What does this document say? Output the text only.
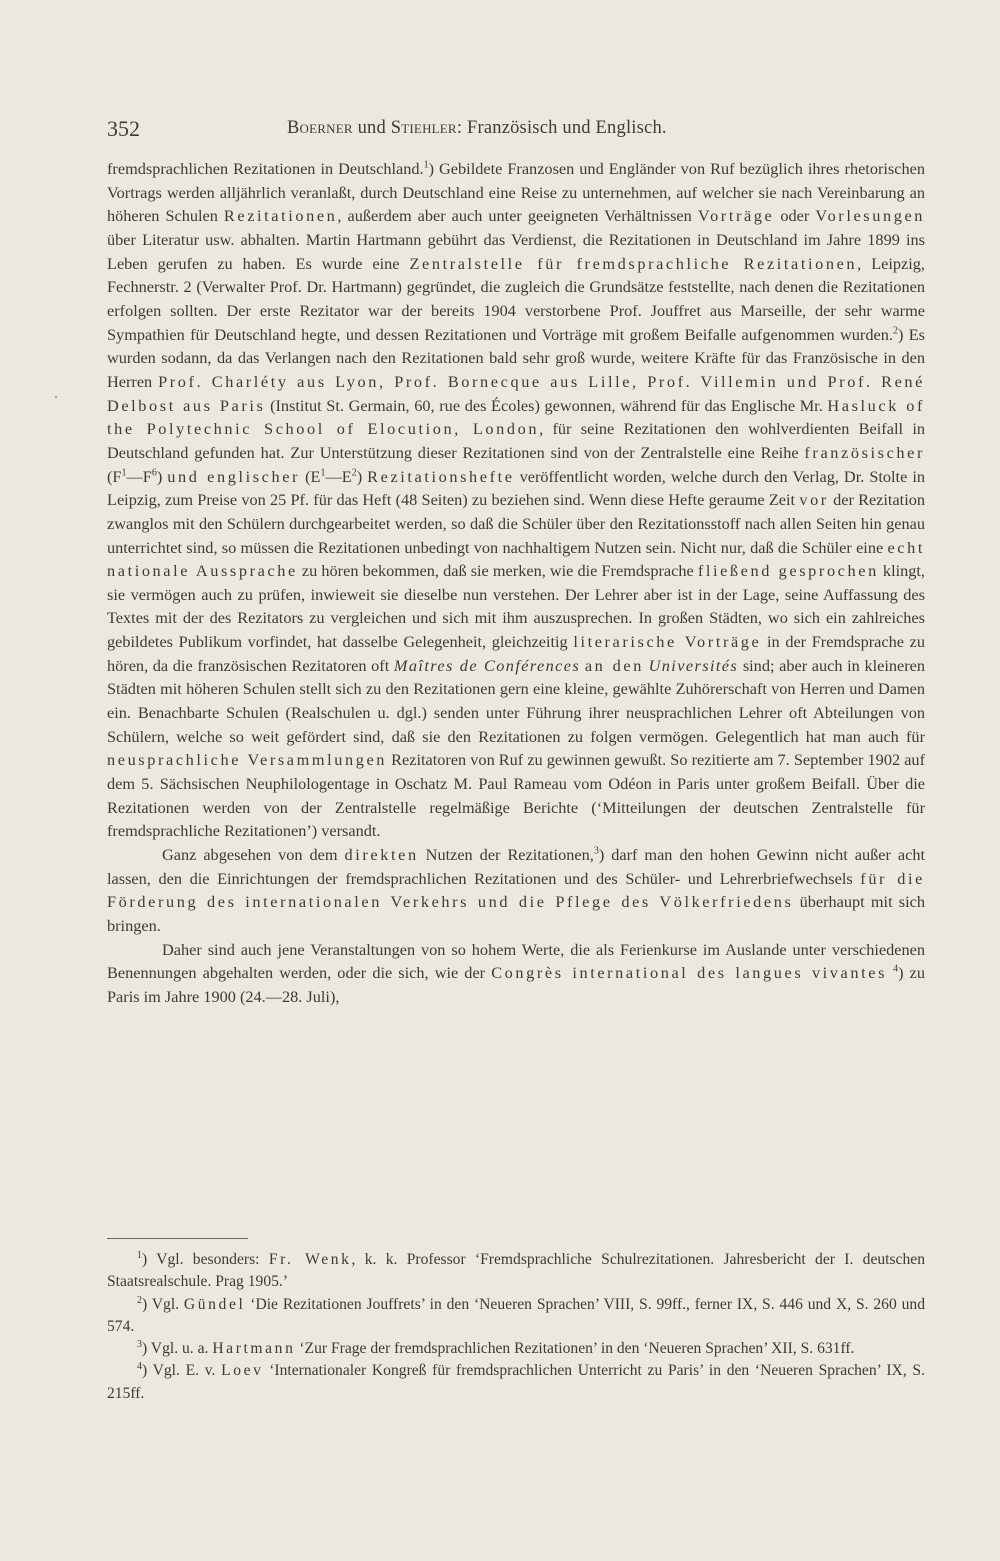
352	Boerner und Stiehler: Französisch und Englisch.

fremdsprachlichen Rezitationen in Deutschland.$^1$) Gebildete Franzosen und Engländer von Ruf bezüglich ihres rhetorischen Vortrags werden alljährlich veranlaßt, durch Deutschland eine Reise zu unternehmen, auf welcher sie nach Vereinbarung an höheren Schulen Rezitationen, außerdem aber auch unter geeigneten Verhältnissen Vorträge oder Vorlesungen über Literatur usw. abhalten. Martin Hartmann gebührt das Verdienst, die Rezitationen in Deutschland im Jahre 1899 ins Leben gerufen zu haben. Es wurde eine Zentralstelle für fremdsprachliche Rezitationen, Leipzig, Fechnerstr. 2 (Verwalter Prof. Dr. Hartmann) gegründet, die zugleich die Grundsätze feststellte, nach denen die Rezitationen erfolgen sollten. Der erste Rezitator war der bereits 1904 verstorbene Prof. Jouffret aus Marseille, der sehr warme Sympathien für Deutschland hegte, und dessen Rezitationen und Vorträge mit großem Beifalle aufgenommen wurden.$^2$) Es wurden sodann, da das Verlangen nach den Rezitationen bald sehr groß wurde, weitere Kräfte für das Französische in den Herren Prof. Charléty aus Lyon, Prof. Bornecque aus Lille, Prof. Villemin und Prof. René Delbost aus Paris (Institut St. Germain, 60, rue des Écoles) gewonnen, während für das Englische Mr. Hasluck of the Polytechnic School of Elocution, London, für seine Rezitationen den wohlverdienten Beifall in Deutschland gefunden hat. Zur Unterstützung dieser Rezitationen sind von der Zentralstelle eine Reihe französischer $(F^1—F^6)$ und englischer $(E^1—E^2)$ Rezitationshefte veröffentlicht worden, welche durch den Verlag, Dr. Stolte in Leipzig, zum Preise von 25 Pf. für das Heft (48 Seiten) zu beziehen sind. Wenn diese Hefte geraume Zeit vor der Rezitation zwanglos mit den Schülern durchgearbeitet werden, so daß die Schüler über den Rezitationsstoff nach allen Seiten hin genau unterrichtet sind, so müssen die Rezitationen unbedingt von nachhaltigem Nutzen sein. Nicht nur, daß die Schüler eine echt nationale Aussprache zu hören bekommen, daß sie merken, wie die Fremdsprache fließend gesprochen klingt, sie vermögen auch zu prüfen, inwieweit sie dieselbe nun verstehen. Der Lehrer aber ist in der Lage, seine Auffassung des Textes mit der des Rezitators zu vergleichen und sich mit ihm auszusprechen. In großen Städten, wo sich ein zahlreiches gebildetes Publikum vorfindet, hat dasselbe Gelegenheit, gleichzeitig literarische Vorträge in der Fremdsprache zu hören, da die französischen Rezitatoren oft Maîtres de Conférences an den Universités sind; aber auch in kleineren Städten mit höheren Schulen stellt sich zu den Rezitationen gern eine kleine, gewählte Zuhörerschaft von Herren und Damen ein. Benachbarte Schulen (Realschulen u. dgl.) senden unter Führung ihrer neusprachlichen Lehrer oft Abteilungen von Schülern, welche so weit gefördert sind, daß sie den Rezitationen zu folgen vermögen. Gelegentlich hat man auch für neusprachliche Versammlungen Rezitatoren von Ruf zu gewinnen gewußt. So rezitierte am 7. September 1902 auf dem 5. Sächsischen Neuphilologentage in Oschatz M. Paul Rameau vom Odéon in Paris unter großem Beifall. Über die Rezitationen werden von der Zentralstelle regelmäßige Berichte (‘Mitteilungen der deutschen Zentralstelle für fremdsprachliche Rezitationen’) versandt.

Ganz abgesehen von dem direkten Nutzen der Rezitationen,$^3$) darf man den hohen Gewinn nicht außer acht lassen, den die Einrichtungen der fremdsprachlichen Rezitationen und des Schüler- und Lehrerbriefwechsels für die Förderung des internationalen Verkehrs und die Pflege des Völkerfriedens überhaupt mit sich bringen.

Daher sind auch jene Veranstaltungen von so hohem Werte, die als Ferienkurse im Auslande unter verschiedenen Benennungen abgehalten werden, oder die sich, wie der Congrès international des langues vivantes $^4$) zu Paris im Jahre 1900 (24.—28. Juli),

$^1$) Vgl. besonders: Fr. Wenk, k. k. Professor ‘Fremdsprachliche Schulrezitationen. Jahresbericht der I. deutschen Staatsrealschule. Prag 1905.’

$^2$) Vgl. Gündel ‘Die Rezitationen Jouffrets’ in den ‘Neueren Sprachen’ VIII, S. 99ff., ferner IX, S. 446 und X, S. 260 und 574.

$^3$) Vgl. u. a. Hartmann ‘Zur Frage der fremdsprachlichen Rezitationen’ in den ‘Neueren Sprachen’ XII, S. 631ff.

$^4$) Vgl. E. v. Loev ‘Internationaler Kongreß für fremdsprachlichen Unterricht zu Paris’ in den ‘Neueren Sprachen’ IX, S. 215ff.
